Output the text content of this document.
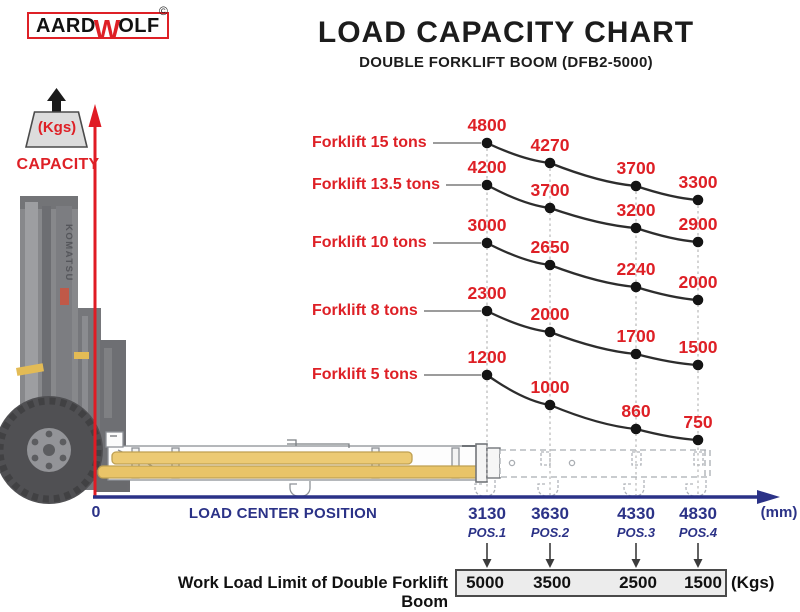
KOMATSU
AARD
W
OLF
©
LOAD CAPACITY CHART
DOUBLE FORKLIFT BOOM (DFB2-5000)
(Kgs)
CAPACITY
0	LOAD CENTER POSITION	(mm)
Work Load Limit of Double Forklift Boom
(Kgs)
3130
POS.1
5000
3630
POS.2
3500
4330
POS.3
2500
4830
POS.4
1500
4800
4270
3700
3300
Forklift 15 tons
4200
3700
3200
2900
Forklift 13.5 tons
3000
2650
2240
2000
Forklift 10 tons
2300
2000
1700
1500
Forklift 8 tons
1200
1000
860
750
Forklift 5 tons
